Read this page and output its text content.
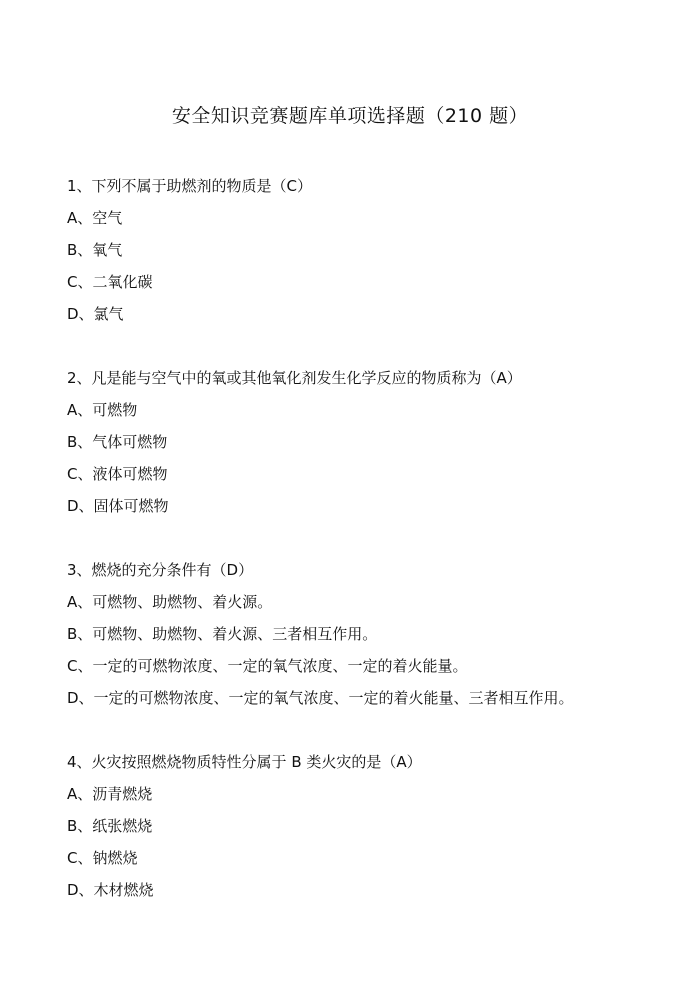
安全知识竞赛题库单项选择题（210 题）
1、下列不属于助燃剂的物质是（C）
A、空气
B、氧气
C、二氧化碳
D、氯气
2、凡是能与空气中的氧或其他氧化剂发生化学反应的物质称为（A）
A、可燃物
B、气体可燃物
C、液体可燃物
D、固体可燃物
3、燃烧的充分条件有（D）
A、可燃物、助燃物、着火源。
B、可燃物、助燃物、着火源、三者相互作用。
C、一定的可燃物浓度、一定的氧气浓度、一定的着火能量。
D、一定的可燃物浓度、一定的氧气浓度、一定的着火能量、三者相互作用。
4、火灾按照燃烧物质特性分属于 B 类火灾的是（A）
A、沥青燃烧
B、纸张燃烧
C、钠燃烧
D、木材燃烧
